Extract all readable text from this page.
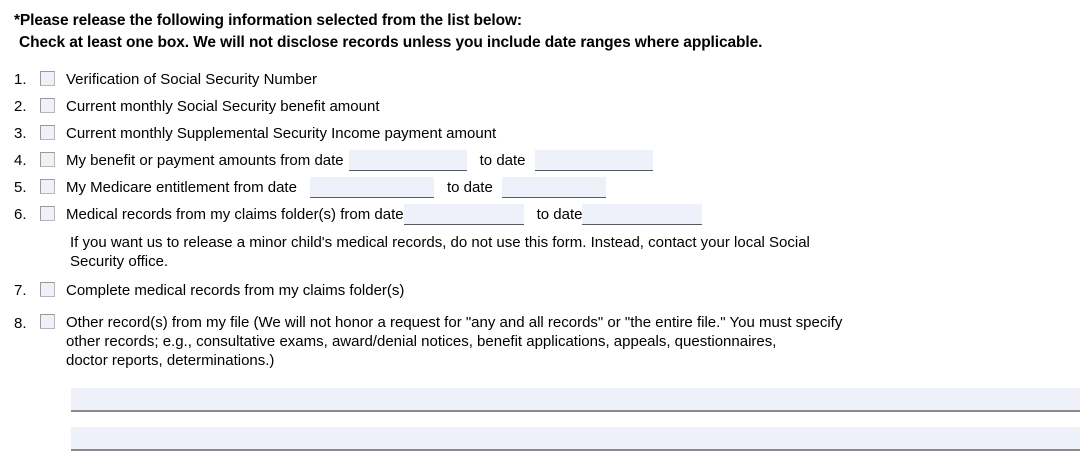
*Please release the following information selected from the list below:
Check at least one box. We will not disclose records unless you include date ranges where applicable.
1.	Verification of Social Security Number
2.	Current monthly Social Security benefit amount
3.	Current monthly Supplemental Security Income payment amount
4.	My benefit or payment amounts from date	to date
5.	My Medicare entitlement from date	to date
6.	Medical records from my claims folder(s) from date	to date
If you want us to release a minor child's medical records, do not use this form. Instead, contact your local Social
Security office.
7.	Complete medical records from my claims folder(s)
8.	Other record(s) from my file (We will not honor a request for "any and all records" or "the entire file." You must specify
other records; e.g., consultative exams, award/denial notices, benefit applications, appeals, questionnaires,
doctor reports, determinations.)
